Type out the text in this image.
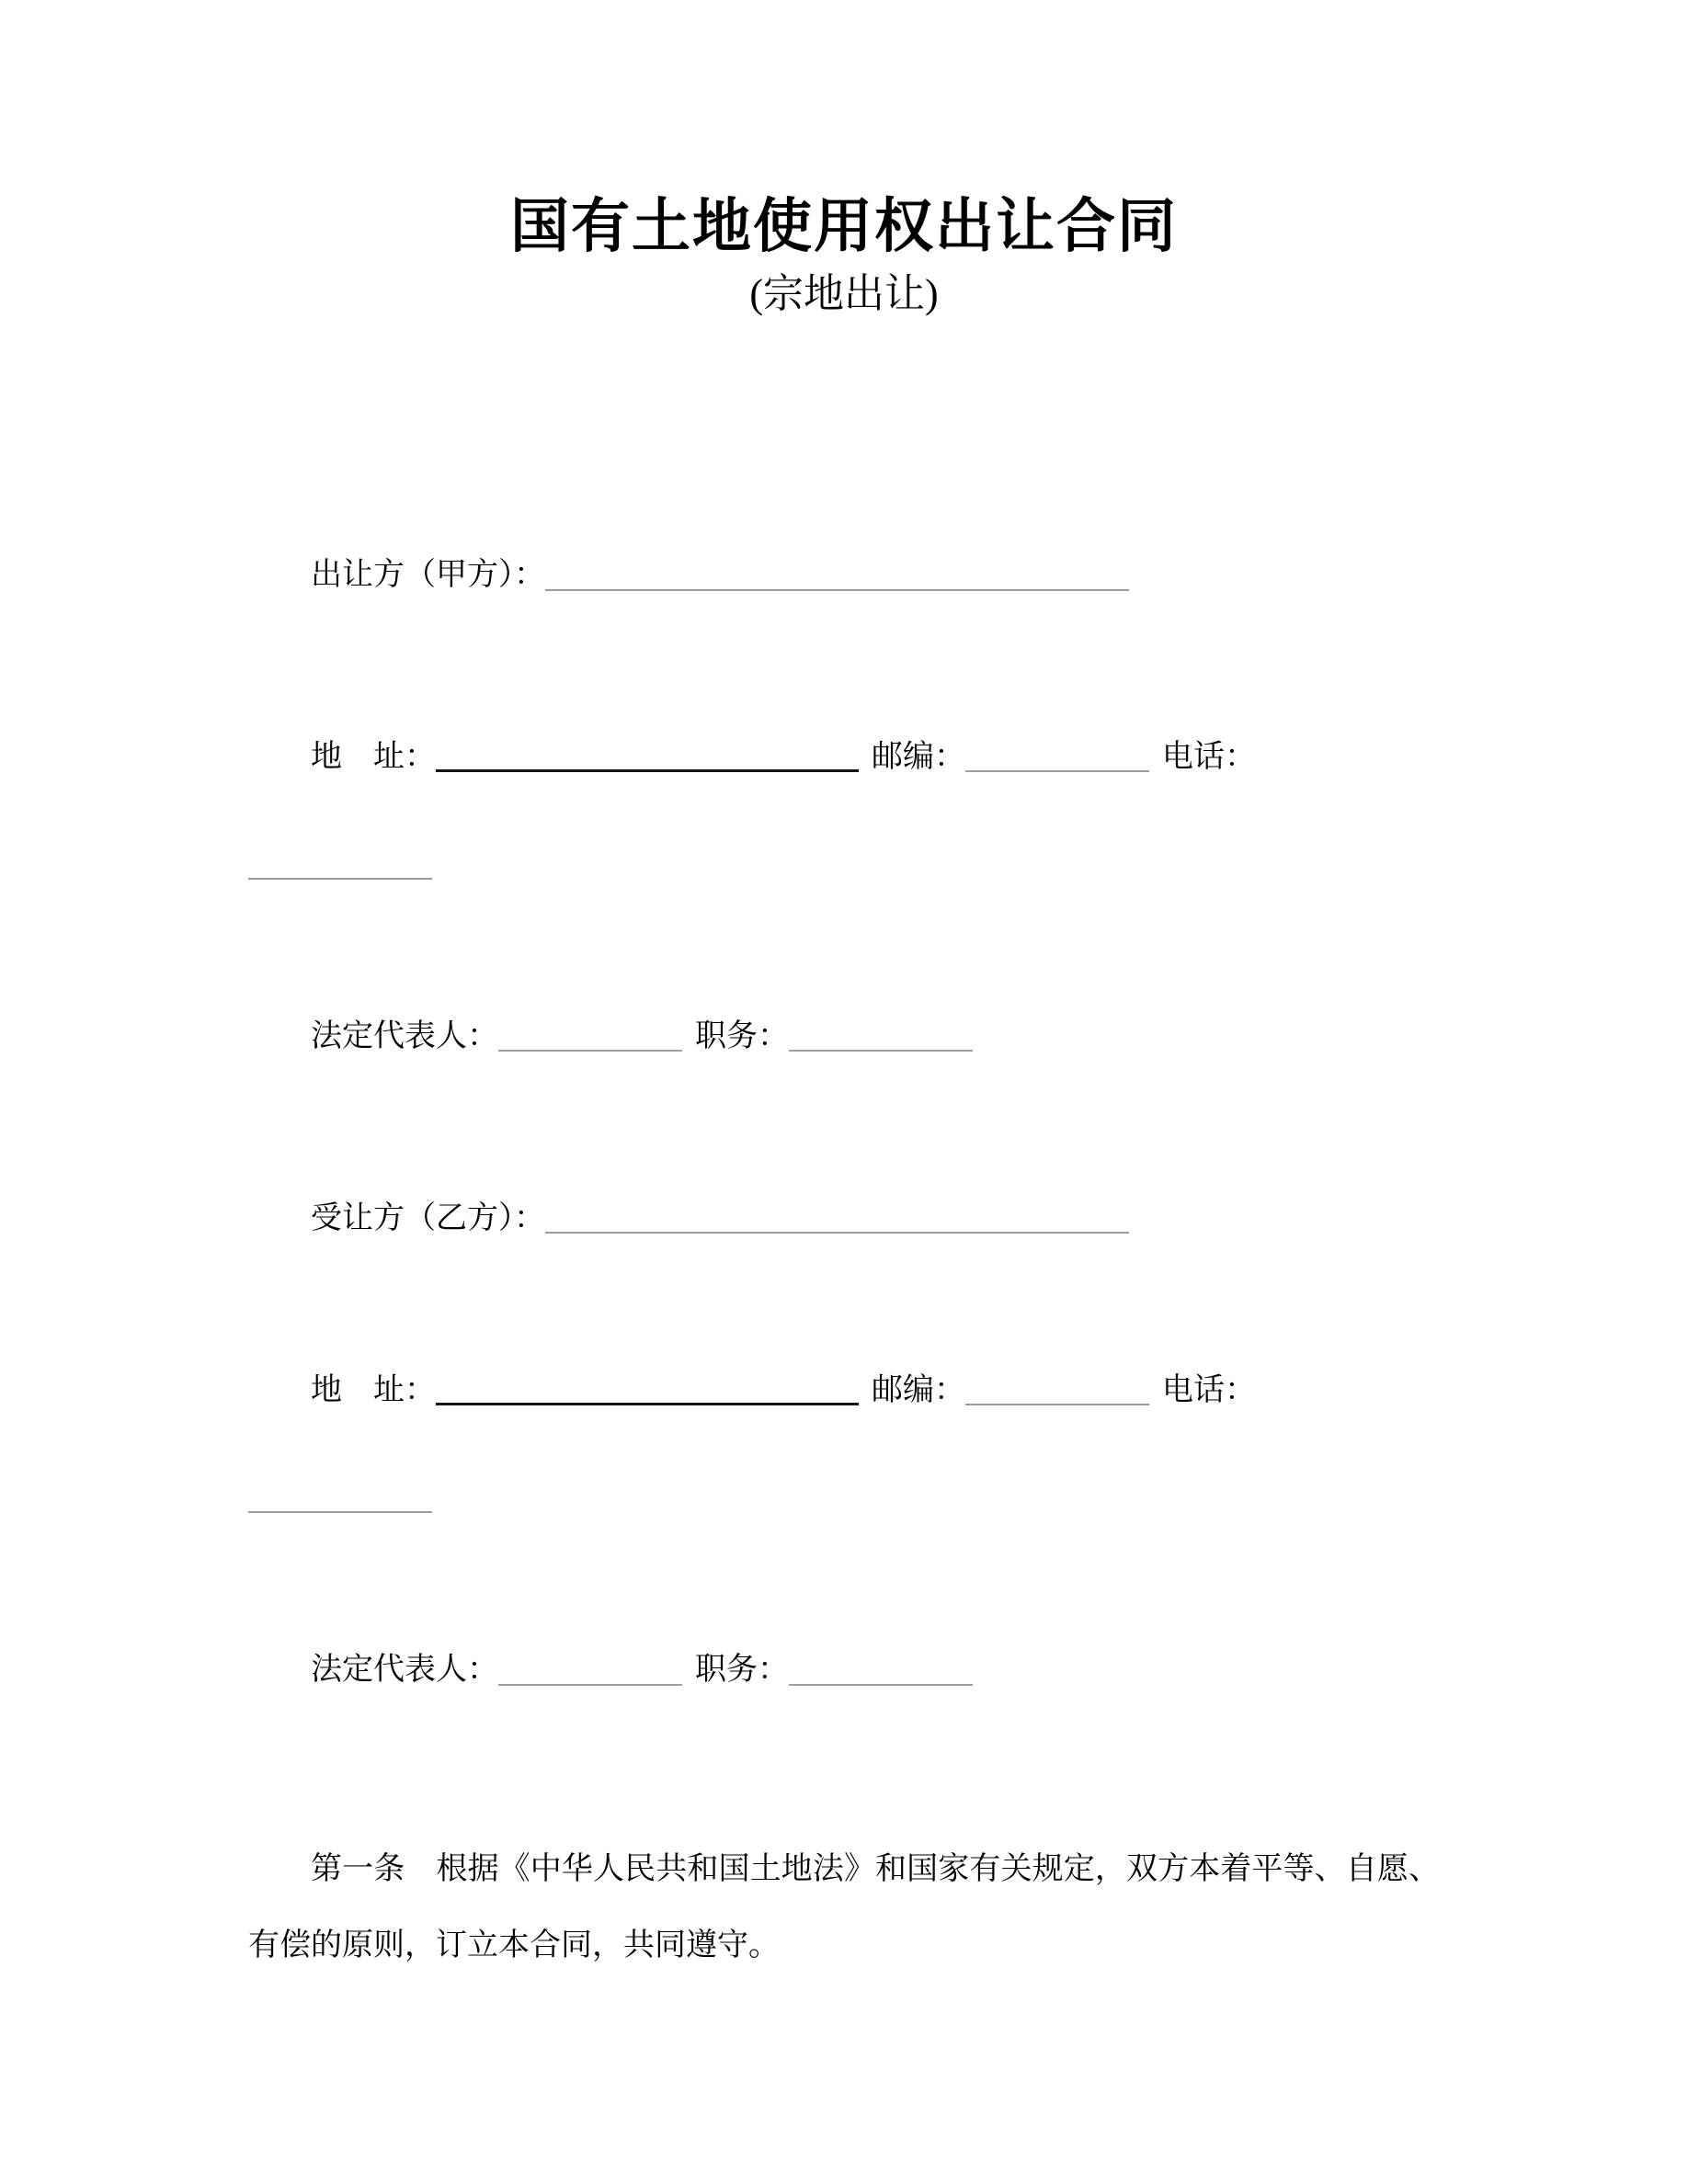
国有土地使用权出让合同
(宗地出让)
出让方（甲方）：
地　址：	邮编：	电话：
法定代表人：	职务：
受让方（乙方）：
地　址：	邮编：	电话：
法定代表人：	职务：

第一条　根据《中华人民共和国土地法》和国家有关规定，双方本着平等、自愿、有偿的原则，订立本合同，共同遵守。
